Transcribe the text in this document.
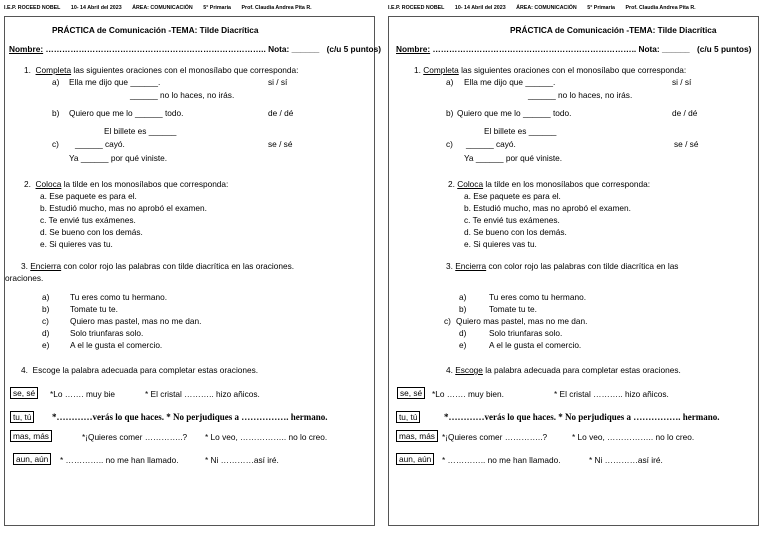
I.E.P. ROCEED NOBEL 10- 14 Abril del 2023 ÁREA: COMUNICACIÓN 5° Primaria Prof. Claudia Andrea Pita R.
PRÁCTICA de Comunicación -TEMA: Tilde Diacrítica
Nombre: …………………………………………………………………….. Nota: ______ (c/u 5 puntos)
1. Completa las siguientes oraciones con el monosílabo que corresponda:
a) Ella me dijo que ______.	si / sí
______ no lo haces, no irás.
b) Quiero que me lo ______ todo.	de / dé
El billete es ______
c) ______ cayó.	se / sé
Ya ______ por qué viniste.
2. Coloca la tilde en los monosílabos que corresponda:
a. Ese paquete es para el.
b. Estudió mucho, mas no aprobó el examen.
c. Te envié tus exámenes.
d. Se bueno con los demás.
e. Si quieres vas tu.
3. Encierra con color rojo las palabras con tilde diacrítica en las oraciones.
oraciones.
a) Tu eres como tu hermano.
b) Tomate tu te.
c)	Quiero mas pastel, mas no me dan.
d) Solo triunfaras solo.
e) A el le gusta el comercio.
4. Escoge la palabra adecuada para completar estas oraciones.
se, sé	*Lo ……. muy bie	* El cristal ……….. hizo añicos.
tu, tú	*…………verás lo que haces. * No perjudiques a ……………. hermano.
mas, más	*¡Quieres comer …………..? * Lo veo, …………….. no lo creo.
aun, aún	* ………….. no me han llamado.	* Ni …………así iré.
I.E.P. ROCEED NOBEL 10- 14 Abril del 2023 ÁREA: COMUNICACIÓN 5° Primaria Prof. Claudia Andrea Pita R.
PRÁCTICA de Comunicación -TEMA: Tilde Diacrítica
Nombre: ……………………………………………………………….. Nota: ______ (c/u 5 puntos)
1. Completa las siguientes oraciones con el monosílabo que corresponda:
a) Ella me dijo que ______.	si / sí
______ no lo haces, no irás.
b) Quiero que me lo ______ todo.	de / dé
El billete es ______
c) ______ cayó.	se / sé
Ya ______ por qué viniste.
2. Coloca la tilde en los monosílabos que corresponda:
a. Ese paquete es para el.
b. Estudió mucho, mas no aprobó el examen.
c. Te envié tus exámenes.
d. Se bueno con los demás.
e. Si quieres vas tu.
3. Encierra con color rojo las palabras con tilde diacrítica en las
a)	Tu eres como tu hermano.
b)	Tomate tu te.
c) Quiero mas pastel, mas no me dan.
d)	Solo triunfaras solo.
e)	A el le gusta el comercio.
4. Escoge la palabra adecuada para completar estas oraciones.
se, sé	*Lo ……. muy bien.	* El cristal ……….. hizo añicos.
tu, tú	*…………verás lo que haces. * No perjudiques a ……………. hermano.
mas, más *¡Quieres comer …………..?	* Lo veo, …………….. no lo creo.
aun, aún	* ………….. no me han llamado.	* Ni …………así iré.
